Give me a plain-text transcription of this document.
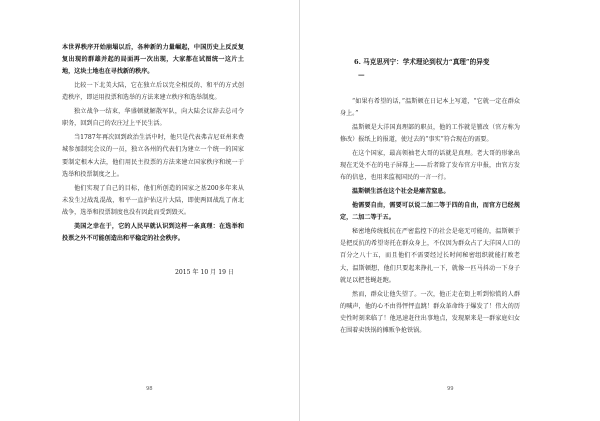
本世界秩序开始崩塌以后，各种新的力量崛起，中国历史上反反复复出现的群雄并起的局面再一次出现，大家都在试图统一这片土地，这块土地也在寻找新的秩序。

比较一下北美大陆，它在独立后以完全相反的、和平的方式创造秩序，即运用投票和选举的方法来建立秩序和选举制度。

独立战争一结束，华盛顿就解散军队，向大陆会议辞去总司令职务，回到自己的农庄过上平民生活。

当1787年再次回到政治生活中时，他只是代表弗吉尼亚州来费城参加制宪会议的一员，独立各州的代表们为建立一个统一的国家要制定根本大法，他们用民主投票的方法来建立国家秩序和统一于选举和投票制度之上。

他们实现了自己的目标，他们所创造的国家之基200多年来从未发生过战乱混战，和平一直护佑这片大陆，即使两回战乱了南北战争，选举和投票制度也没有因此而受到毁灭。

美国之幸在于，它的人民早就认识到这样一条真理：在选举和投票之外不可能创造出和平稳定的社会秩序。

2015 年 10 月 19 日

98
6. 马克思列宁：学术理论到权力“真理”的异变
—

“如果有希望的话，”温斯顿在日记本上写道，“它就一定在群众身上。”

温斯顿是大洋国真理部的职员，他的工作就是篡改（官方称为修改）报纸上的报道，使过去的“事实”符合现在的需要。

在这个国家，最高领袖老大哥的话就是真理。老大哥的形象出现在无处不在的电子屏幕上——后者除了发布官方申报，由官方发布的信息，也用来监视国民的一言一行。

温斯顿生活在这个社会是痛苦窒息。

他需要自由，需要可以说二加二等于四的自由，而官方已经规定，二加二等于五。

秘密地传统抵抗在严密监控下的社会是毫无可能的，温斯顿于是把反抗的希望寄托在群众身上，不仅因为群众占了大洋国人口的百分之八十五，而且他们不需要经过长时间秘密组织就能打败老大，温斯顿想，他们只要起来挣扎一下，就像一匹马抖动一下身子就足以把苍蝇赶跑。

然而，群众让他失望了。一次，他正走在街上听到惊慌的人群的喊声，他的心不由得怦怦直跳！群众革命终于爆发了！伟大的历史性时刻来临了！他迅速赶往出事地点，发现原来是一群家庭妇女在围着卖铁锅的摊贩争抢铁锅。

99
